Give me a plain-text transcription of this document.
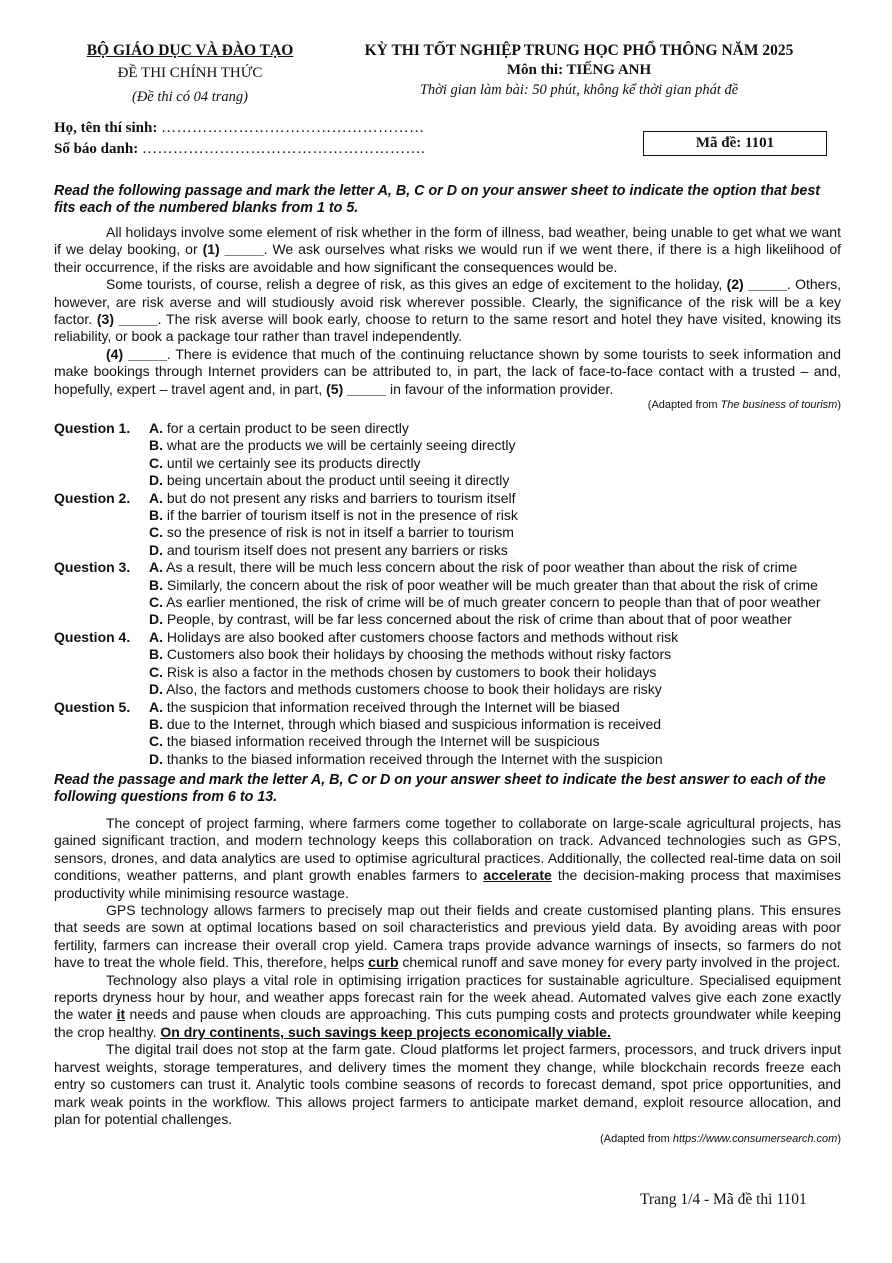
BỘ GIÁO DỤC VÀ ĐÀO TẠO
ĐỀ THI CHÍNH THỨC
(Đề thi có 04 trang)
KỲ THI TỐT NGHIỆP TRUNG HỌC PHỔ THÔNG NĂM 2025
Môn thi: TIẾNG ANH
Thời gian làm bài: 50 phút, không kể thời gian phát đề
Họ, tên thí sinh: ……………………………………………
Số báo danh: ……………………………………………….	Mã đề: 1101
Read the following passage and mark the letter A, B, C or D on your answer sheet to indicate the option that best fits each of the numbered blanks from 1 to 5.
All holidays involve some element of risk whether in the form of illness, bad weather, being unable to get what we want if we delay booking, or (1) _____. We ask ourselves what risks we would run if we went there, if there is a high likelihood of their occurrence, if the risks are avoidable and how significant the consequences would be.
Some tourists, of course, relish a degree of risk, as this gives an edge of excitement to the holiday, (2) _____. Others, however, are risk averse and will studiously avoid risk wherever possible. Clearly, the significance of the risk will be a key factor. (3) _____. The risk averse will book early, choose to return to the same resort and hotel they have visited, knowing its reliability, or book a package tour rather than travel independently.
(4) _____. There is evidence that much of the continuing reluctance shown by some tourists to seek information and make bookings through Internet providers can be attributed to, in part, the lack of face-to-face contact with a trusted – and, hopefully, expert – travel agent and, in part, (5) _____ in favour of the information provider.
(Adapted from The business of tourism)
Question 1.	A. for a certain product to be seen directly
B. what are the products we will be certainly seeing directly
C. until we certainly see its products directly
D. being uncertain about the product until seeing it directly
Question 2.	A. but do not present any risks and barriers to tourism itself
B. if the barrier of tourism itself is not in the presence of risk
C. so the presence of risk is not in itself a barrier to tourism
D. and tourism itself does not present any barriers or risks
Question 3.	A. As a result, there will be much less concern about the risk of poor weather than about the risk of crime
B. Similarly, the concern about the risk of poor weather will be much greater than that about the risk of crime
C. As earlier mentioned, the risk of crime will be of much greater concern to people than that of poor weather
D. People, by contrast, will be far less concerned about the risk of crime than about that of poor weather
Question 4.	A. Holidays are also booked after customers choose factors and methods without risk
B. Customers also book their holidays by choosing the methods without risky factors
C. Risk is also a factor in the methods chosen by customers to book their holidays
D. Also, the factors and methods customers choose to book their holidays are risky
Question 5.	A. the suspicion that information received through the Internet will be biased
B. due to the Internet, through which biased and suspicious information is received
C. the biased information received through the Internet will be suspicious
D. thanks to the biased information received through the Internet with the suspicion
Read the passage and mark the letter A, B, C or D on your answer sheet to indicate the best answer to each of the following questions from 6 to 13.
The concept of project farming, where farmers come together to collaborate on large-scale agricultural projects, has gained significant traction, and modern technology keeps this collaboration on track. Advanced technologies such as GPS, sensors, drones, and data analytics are used to optimise agricultural practices. Additionally, the collected real-time data on soil conditions, weather patterns, and plant growth enables farmers to accelerate the decision-making process that maximises productivity while minimising resource wastage.
GPS technology allows farmers to precisely map out their fields and create customised planting plans. This ensures that seeds are sown at optimal locations based on soil characteristics and previous yield data. By avoiding areas with poor fertility, farmers can increase their overall crop yield. Camera traps provide advance warnings of insects, so farmers do not have to treat the whole field. This, therefore, helps curb chemical runoff and save money for every party involved in the project.
Technology also plays a vital role in optimising irrigation practices for sustainable agriculture. Specialised equipment reports dryness hour by hour, and weather apps forecast rain for the week ahead. Automated valves give each zone exactly the water it needs and pause when clouds are approaching. This cuts pumping costs and protects groundwater while keeping the crop healthy. On dry continents, such savings keep projects economically viable.
The digital trail does not stop at the farm gate. Cloud platforms let project farmers, processors, and truck drivers input harvest weights, storage temperatures, and delivery times the moment they change, while blockchain records freeze each entry so customers can trust it. Analytic tools combine seasons of records to forecast demand, spot price opportunities, and mark weak points in the workflow. This allows project farmers to anticipate market demand, exploit resource allocation, and plan for potential challenges.
(Adapted from https://www.consumersearch.com)
Trang 1/4 - Mã đề thi 1101
